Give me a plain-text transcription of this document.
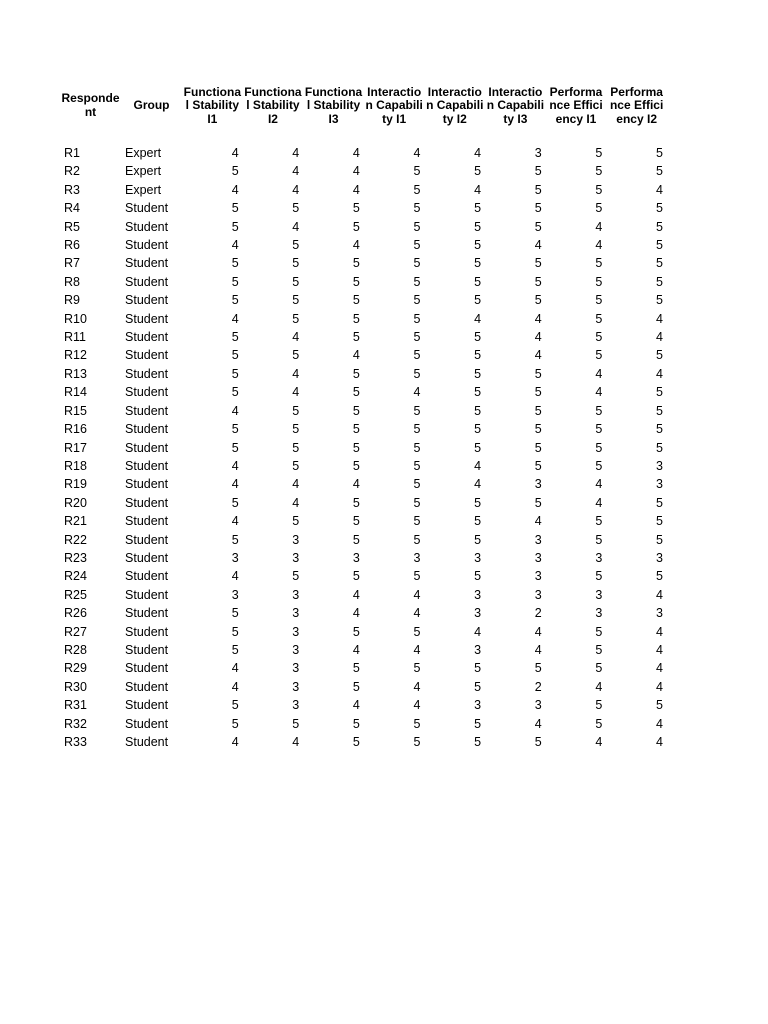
Respondent	Group	Functional Stability I1	Functional Stability I2	Functional Stability I3	Interaction Capability I1	Interaction Capability I2	Interaction Capability I3	Performance Efficiency I1	Performance Efficiency I2

R1	Expert	4	4	4	4	4	3	5	5
R2	Expert	5	4	4	5	5	5	5	5
R3	Expert	4	4	4	5	4	5	5	4
R4	Student	5	5	5	5	5	5	5	5
R5	Student	5	4	5	5	5	5	4	5
R6	Student	4	5	4	5	5	4	4	5
R7	Student	5	5	5	5	5	5	5	5
R8	Student	5	5	5	5	5	5	5	5
R9	Student	5	5	5	5	5	5	5	5
R10	Student	4	5	5	5	4	4	5	4
R11	Student	5	4	5	5	5	4	5	4
R12	Student	5	5	4	5	5	4	5	5
R13	Student	5	4	5	5	5	5	4	4
R14	Student	5	4	5	4	5	5	4	5
R15	Student	4	5	5	5	5	5	5	5
R16	Student	5	5	5	5	5	5	5	5
R17	Student	5	5	5	5	5	5	5	5
R18	Student	4	5	5	5	4	5	5	3
R19	Student	4	4	4	5	4	3	4	3
R20	Student	5	4	5	5	5	5	4	5
R21	Student	4	5	5	5	5	4	5	5
R22	Student	5	3	5	5	5	3	5	5
R23	Student	3	3	3	3	3	3	3	3
R24	Student	4	5	5	5	5	3	5	5
R25	Student	3	3	4	4	3	3	3	4
R26	Student	5	3	4	4	3	2	3	3
R27	Student	5	3	5	5	4	4	5	4
R28	Student	5	3	4	4	3	4	5	4
R29	Student	4	3	5	5	5	5	5	4
R30	Student	4	3	5	4	5	2	4	4
R31	Student	5	3	4	4	3	3	5	5
R32	Student	5	5	5	5	5	4	5	4
R33	Student	4	4	5	5	5	5	4	4
